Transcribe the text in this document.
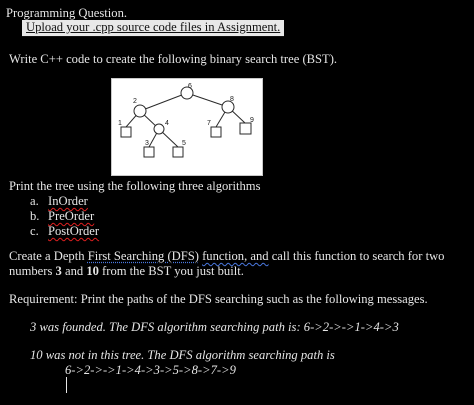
Programming Question.
Upload your .cpp source code files in Assignment.
Write C++ code to create the following binary search tree (BST).
6
2	8
1	4	7	9
3	5
Print the tree using the following three algorithms
a. InOrder
b. PreOrder
c. PostOrder
Create a Depth First Searching (DFS) function, and call this function to search for two
numbers 3 and 10 from the BST you just built.
Requirement: Print the paths of the DFS searching such as the following messages.
3 was founded. The DFS algorithm searching path is: 6->2->->1->4->3
10 was not in this tree. The DFS algorithm searching path is
6->2->->1->4->3->5->8->7->9
